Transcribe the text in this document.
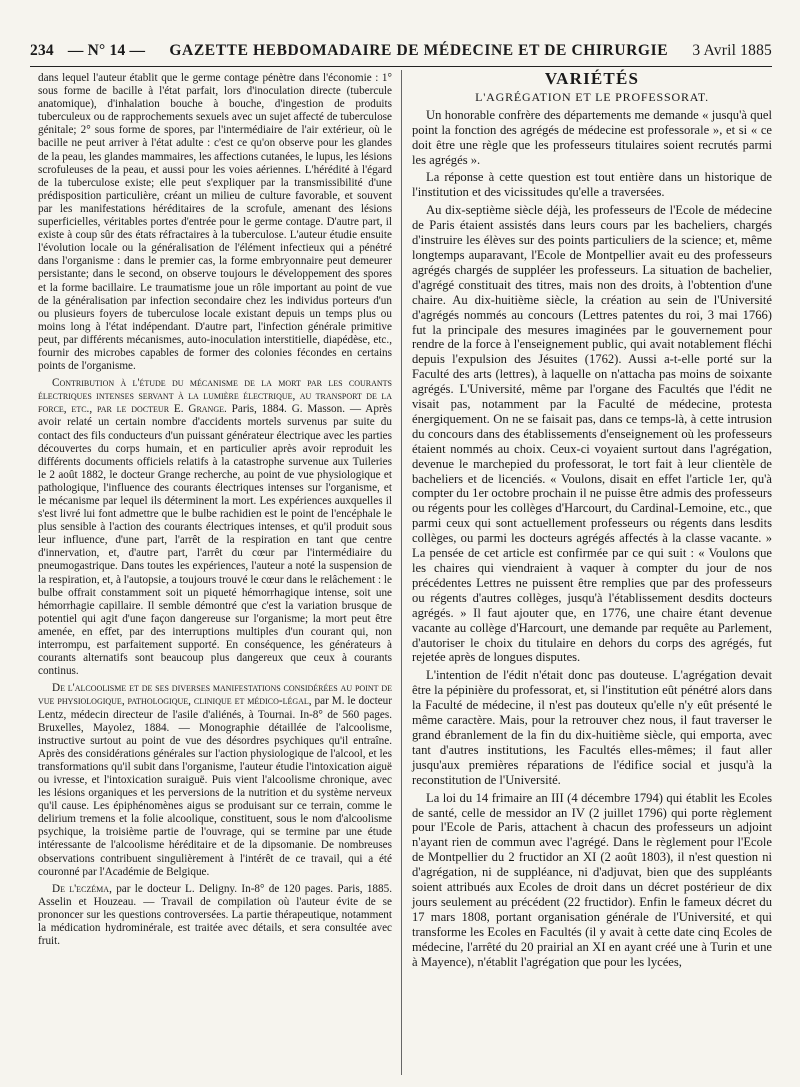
234 — N° 14 — GAZETTE HEBDOMADAIRE DE MÉDECINE ET DE CHIRURGIE 3 Avril 1885

dans lequel l'auteur établit que le germe contage pénètre dans l'économie : 1° sous forme de bacille à l'état parfait, lors d'inoculation directe (tubercule anatomique), d'inhalation bouche à bouche, d'ingestion de produits tuberculeux ou de rapprochements sexuels avec un sujet affecté de tuberculose génitale; 2° sous forme de spores, par l'intermédiaire de l'air extérieur, où le bacille ne peut arriver à l'état adulte : c'est ce qu'on observe pour les glandes de la peau, les glandes mammaires, les affections cutanées, le lupus, les lésions scrofuleuses de la peau, et aussi pour les voies aériennes. L'hérédité à l'égard de la tuberculose existe; elle peut s'expliquer par la transmissibilité d'une prédisposition particulière, créant un milieu de culture favorable, et souvent par les manifestations héréditaires de la scrofule, amenant des lésions superficielles, véritables portes d'entrée pour le germe contage. D'autre part, il existe à coup sûr des états réfractaires à la tuberculose. L'auteur étudie ensuite l'évolution locale ou la généralisation de l'élément infectieux qui a pénétré dans l'organisme : dans le premier cas, la forme embryonnaire peut demeurer persistante; dans le second, on observe toujours le développement des spores et la forme bacillaire. Le traumatisme joue un rôle important au point de vue de la généralisation par infection secondaire chez les individus porteurs d'un ou plusieurs foyers de tuberculose locale existant depuis un temps plus ou moins long à l'état indépendant. D'autre part, l'infection générale primitive peut, par différents mécanismes, auto-inoculation interstitielle, diapédèse, etc., fournir des microbes capables de former des colonies fécondes en certains points de l'organisme.

Contribution à l'étude du mécanisme de la mort par les courants électriques intenses servant à la lumière électrique, au transport de la force, etc., par le docteur E. Grange. Paris, 1884. G. Masson. — Après avoir relaté un certain nombre d'accidents mortels survenus par suite du contact des fils conducteurs d'un puissant générateur électrique avec les parties découvertes du corps humain, et en particulier après avoir reproduit les différents documents officiels relatifs à la catastrophe survenue aux Tuileries le 2 août 1882, le docteur Grange recherche, au point de vue physiologique et pathologique, l'influence des courants électriques intenses sur l'organisme, et le mécanisme par lequel ils déterminent la mort. Les expériences auxquelles il s'est livré lui font admettre que le bulbe rachidien est le point de l'encéphale le plus sensible à l'action des courants électriques intenses, et qu'il produit sous leur influence, d'une part, l'arrêt de la respiration en tant que centre d'innervation, et, d'autre part, l'arrêt du cœur par l'intermédiaire du pneumogastrique. Dans toutes les expériences, l'auteur a noté la suspension de la respiration, et, à l'autopsie, a toujours trouvé le cœur dans le relâchement : le bulbe offrait constamment soit un piqueté hémorrhagique intense, soit une hémorrhagie capillaire. Il semble démontré que c'est la variation brusque de potentiel qui agit d'une façon dangereuse sur l'organisme; la mort peut être amenée, en effet, par des interruptions multiples d'un courant qui, non interrompu, est parfaitement supporté. En conséquence, les générateurs à courants alternatifs sont beaucoup plus dangereux que ceux à courants continus.

De l'alcoolisme et de ses diverses manifestations considérées au point de vue physiologique, pathologique, clinique et médico-légal, par M. le docteur Lentz, médecin directeur de l'asile d'aliénés, à Tournai. In-8° de 560 pages. Bruxelles, Mayolez, 1884. — Monographie détaillée de l'alcoolisme, instructive surtout au point de vue des désordres psychiques qu'il entraîne. Après des considérations générales sur l'action physiologique de l'alcool, et les transformations qu'il subit dans l'organisme, l'auteur étudie l'intoxication aiguë ou ivresse, et l'intoxication suraiguë. Puis vient l'alcoolisme chronique, avec les lésions organiques et les perversions de la nutrition et du système nerveux qu'il cause. Les épiphénomènes aigus se produisant sur ce terrain, comme le delirium tremens et la folie alcoolique, constituent, sous le nom d'alcoolisme psychique, la troisième partie de l'ouvrage, qui se termine par une étude intéressante de l'alcoolisme héréditaire et de la dipsomanie. De nombreuses observations contribuent singulièrement à l'intérêt de ce travail, qui a été couronné par l'Académie de Belgique.

De l'eczéma, par le docteur L. Deligny. In-8° de 120 pages. Paris, 1885. Asselin et Houzeau. — Travail de compilation où l'auteur évite de se prononcer sur les questions controversées. La partie thérapeutique, notamment la médication hydrominérale, est traitée avec détails, et sera consultée avec fruit.

VARIÉTÉS

L'AGRÉGATION ET LE PROFESSORAT.

Un honorable confrère des départements me demande « jusqu'à quel point la fonction des agrégés de médecine est professorale », et si « ce doit être une règle que les professeurs titulaires soient recrutés parmi les agrégés ».

La réponse à cette question est tout entière dans un historique de l'institution et des vicissitudes qu'elle a traversées.

Au dix-septième siècle déjà, les professeurs de l'Ecole de médecine de Paris étaient assistés dans leurs cours par les bacheliers, chargés d'instruire les élèves sur des points particuliers de la science; et, même longtemps auparavant, l'Ecole de Montpellier avait eu des professeurs agrégés chargés de suppléer les professeurs. La situation de bachelier, d'agrégé constituait des titres, mais non des droits, à l'obtention d'une chaire. Au dix-huitième siècle, la création au sein de l'Université d'agrégés nommés au concours (Lettres patentes du roi, 3 mai 1766) fut la principale des mesures imaginées par le gouvernement pour rendre de la force à l'enseignement public, qui avait notablement fléchi depuis l'expulsion des Jésuites (1762). Aussi a-t-elle porté sur la Faculté des arts (lettres), à laquelle on n'attacha pas moins de soixante agrégés. L'Université, même par l'organe des Facultés que l'édit ne visait pas, notamment par la Faculté de médecine, protesta énergiquement. On ne se faisait pas, dans ce temps-là, à cette intrusion du concours dans des établissements d'enseignement où les professeurs étaient nommés au choix. Ceux-ci voyaient surtout dans l'agrégation, devenue le marchepied du professorat, le tort fait à leur clientèle de bacheliers et de licenciés. « Voulons, disait en effet l'article 1er, qu'à compter du 1er octobre prochain il ne puisse être admis des professeurs ou régents pour les collèges d'Harcourt, du Cardinal-Lemoine, etc., que parmi ceux qui sont actuellement professeurs ou régents dans lesdits collèges, ou parmi les docteurs agrégés affectés à la classe vacante. » La pensée de cet article est confirmée par ce qui suit : « Voulons que les chaires qui viendraient à vaquer à compter du jour de nos précédentes Lettres ne puissent être remplies que par des professeurs ou régents d'autres collèges, jusqu'à l'établissement desdits docteurs agrégés. » Il faut ajouter que, en 1776, une chaire étant devenue vacante au collège d'Harcourt, une demande par requête au Parlement, d'autoriser le choix du titulaire en dehors du corps des agrégés, fut rejetée après de longues disputes.

L'intention de l'édit n'était donc pas douteuse. L'agrégation devait être la pépinière du professorat, et, si l'institution eût pénétré alors dans la Faculté de médecine, il n'est pas douteux qu'elle n'y eût présenté le même caractère. Mais, pour la retrouver chez nous, il faut traverser le grand ébranlement de la fin du dix-huitième siècle, qui emporta, avec tant d'autres institutions, les Facultés elles-mêmes; il faut aller jusqu'aux premières réparations de l'édifice social et jusqu'à la reconstitution de l'Université.

La loi du 14 frimaire an III (4 décembre 1794) qui établit les Ecoles de santé, celle de messidor an IV (2 juillet 1796) qui porte règlement pour l'Ecole de Paris, attachent à chacun des professeurs un adjoint n'ayant rien de commun avec l'agrégé. Dans le règlement pour l'Ecole de Montpellier du 2 fructidor an XI (2 août 1803), il n'est question ni d'agrégation, ni de suppléance, ni d'adjuvat, bien que des suppléants soient attribués aux Ecoles de droit dans un décret postérieur de dix jours seulement au précédent (22 fructidor). Enfin le fameux décret du 17 mars 1808, portant organisation générale de l'Université, et qui transforme les Ecoles en Facultés (il y avait à cette date cinq Ecoles de médecine, l'arrêté du 20 prairial an XI en ayant créé une à Turin et une à Mayence), n'établit l'agrégation que pour les lycées,
